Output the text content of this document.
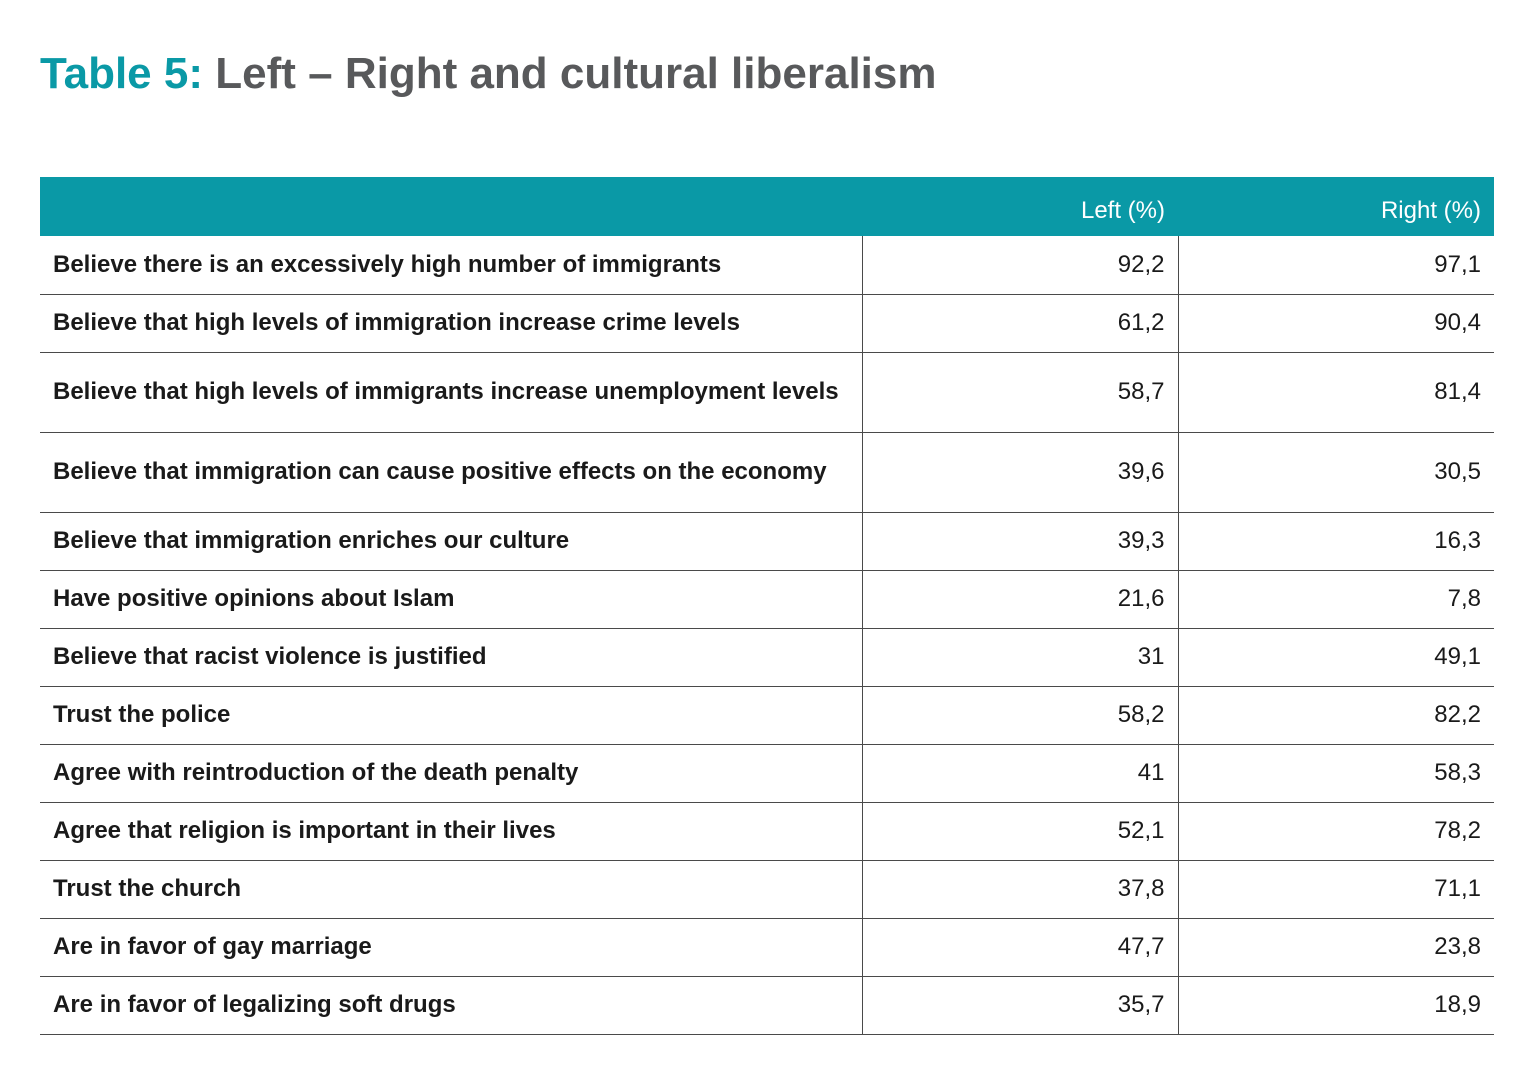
Table 5: Left – Right and cultural liberalism
	Left (%)	Right (%)
Believe there is an excessively high number of immigrants	92,2	97,1
Believe that high levels of immigration increase crime levels	61,2	90,4
Believe that high levels of immigrants increase unemployment levels	58,7	81,4
Believe that immigration can cause positive effects on the economy	39,6	30,5
Believe that immigration enriches our culture	39,3	16,3
Have positive opinions about Islam	21,6	7,8
Believe that racist violence is justified	31	49,1
Trust the police	58,2	82,2
Agree with reintroduction of the death penalty	41	58,3
Agree that religion is important in their lives	52,1	78,2
Trust the church	37,8	71,1
Are in favor of gay marriage	47,7	23,8
Are in favor of legalizing soft drugs	35,7	18,9
